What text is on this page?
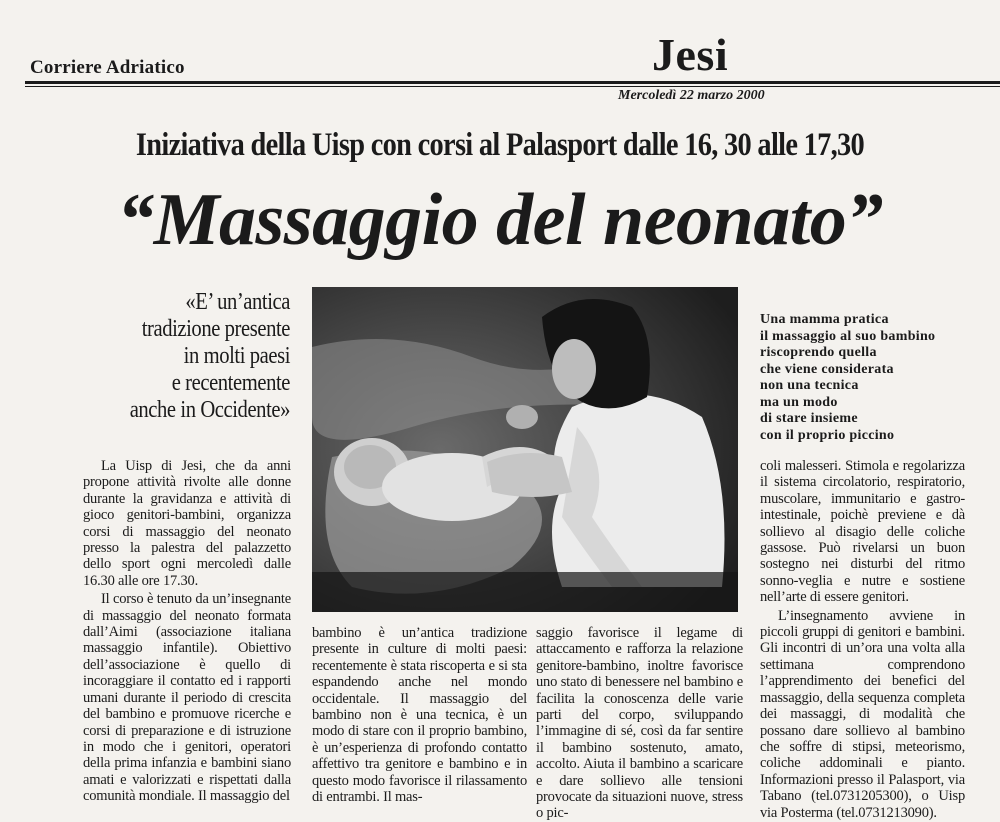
Corriere Adriatico	Jesi
Mercoledì 22 marzo 2000
Iniziativa della Uisp con corsi al Palasport dalle 16, 30 alle 17,30
“Massaggio del neonato”
«E’ un’antica
tradizione presente
in molti paesi
e recentemente
anche in Occidente»
Una mamma pratica
il massaggio al suo bambino
riscoprendo quella
che viene considerata
non una tecnica
ma un modo
di stare insieme
con il proprio piccino

La Uisp di Jesi, che da anni propone attività rivolte alle donne durante la gravidanza e attività di gioco genitori-bambini, organizza corsi di massaggio del neonato presso la palestra del palazzetto dello sport ogni mercoledì dalle 16.30 alle ore 17.30.

Il corso è tenuto da un’insegnante di massaggio del neonato formata dall’Aimi (associazione italiana massaggio infantile). Obiettivo dell’associazione è quello di incoraggiare il contatto ed i rapporti umani durante il periodo di crescita del bambino e promuove ricerche e corsi di preparazione e di istruzione in modo che i genitori, operatori della prima infanzia e bambini siano amati e valorizzati e rispettati dalla comunità mondiale. Il massaggio del

bambino è un’antica tradizione presente in culture di molti paesi: recentemente è stata riscoperta e si sta espandendo anche nel mondo occidentale. Il massaggio del bambino non è una tecnica, è un modo di stare con il proprio bambino, è un’esperienza di profondo contatto affettivo tra genitore e bambino e in questo modo favorisce il rilassamento di entrambi. Il mas-

saggio favorisce il legame di attaccamento e rafforza la relazione genitore-bambino, inoltre favorisce uno stato di benessere nel bambino e facilita la conoscenza delle varie parti del corpo, sviluppando l’immagine di sé, così da far sentire il bambino sostenuto, amato, accolto. Aiuta il bambino a scaricare e dare sollievo alle tensioni provocate da situazioni nuove, stress o pic-

coli malesseri. Stimola e regolarizza il sistema circolatorio, respiratorio, muscolare, immunitario e gastro-intestinale, poichè previene e dà sollievo al disagio delle coliche gassose. Può rivelarsi un buon sostegno nei disturbi del ritmo sonno-veglia e nutre e sostiene nell’arte di essere genitori.

L’insegnamento avviene in piccoli gruppi di genitori e bambini. Gli incontri di un’ora una volta alla settimana comprendono l’apprendimento dei benefici del massaggio, della sequenza completa dei massaggi, di modalità che possano dare sollievo al bambino che soffre di stipsi, meteorismo, coliche addominali e pianto. Informazioni presso il Palasport, via Tabano (tel.0731205300), o Uisp via Posterma (tel.0731213090).
